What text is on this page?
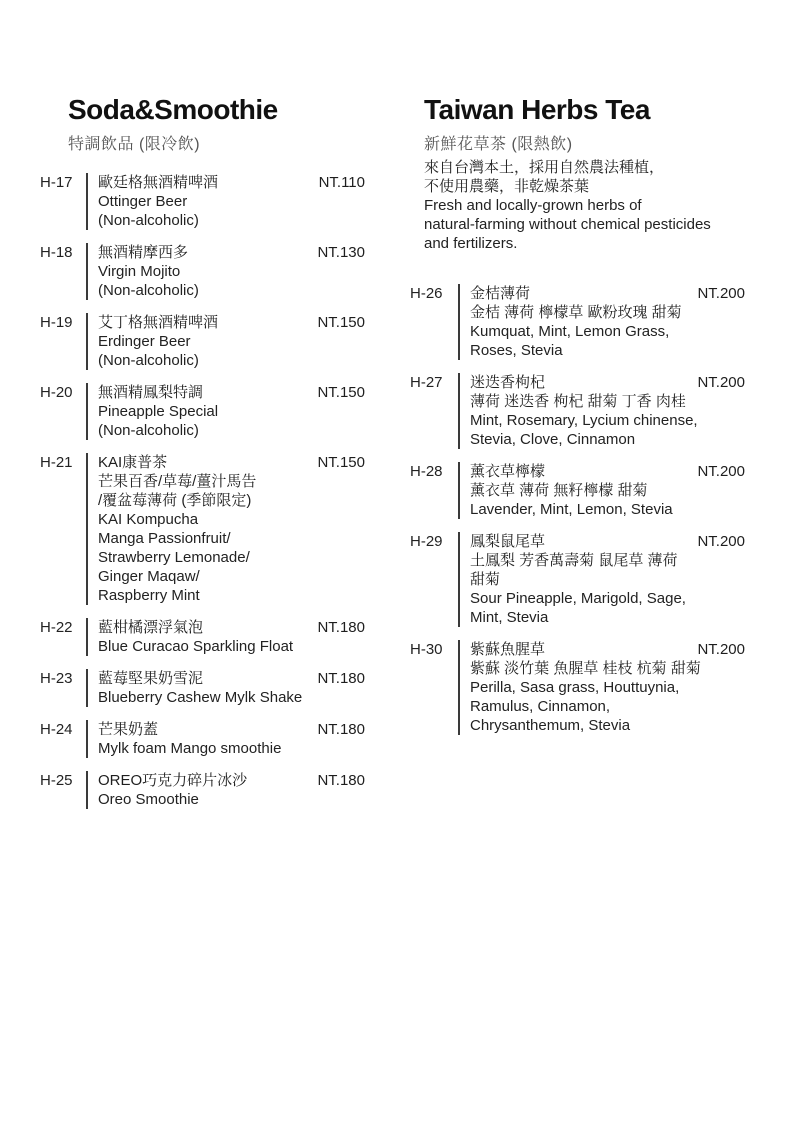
Soda&Smoothie
特調飲品 (限冷飲)
H-17	歐廷格無酒精啤酒	NT.110
Ottinger Beer
(Non-alcoholic)
H-18	無酒精摩西多	NT.130
Virgin Mojito
(Non-alcoholic)
H-19	艾丁格無酒精啤酒	NT.150
Erdinger Beer
(Non-alcoholic)
H-20	無酒精鳳梨特調	NT.150
Pineapple Special
(Non-alcoholic)
H-21	KAI康普茶	NT.150
芒果百香/草莓/薑汁馬告
/覆盆莓薄荷 (季節限定)
KAI Kompucha
Manga Passionfruit/
Strawberry Lemonade/
Ginger Maqaw/
Raspberry Mint
H-22	藍柑橘漂浮氣泡	NT.180
Blue Curacao Sparkling Float
H-23	藍莓堅果奶雪泥	NT.180
Blueberry Cashew Mylk Shake
H-24	芒果奶蓋	NT.180
Mylk foam Mango smoothie
H-25	OREO巧克力碎片冰沙	NT.180
Oreo Smoothie
Taiwan Herbs Tea
新鮮花草茶 (限熱飲)
來自台灣本土，採用自然農法種植，
不使用農藥，非乾燥茶葉
Fresh and locally-grown herbs of
natural-farming without chemical pesticides
and fertilizers.
H-26	金桔薄荷	NT.200
金桔 薄荷 檸檬草 歐粉玫瑰 甜菊
Kumquat, Mint, Lemon Grass,
Roses, Stevia
H-27	迷迭香枸杞	NT.200
薄荷 迷迭香 枸杞 甜菊 丁香 肉桂
Mint, Rosemary, Lycium chinense,
Stevia, Clove, Cinnamon
H-28	薰衣草檸檬	NT.200
薰衣草 薄荷 無籽檸檬 甜菊
Lavender, Mint, Lemon, Stevia
H-29	鳳梨鼠尾草	NT.200
土鳳梨 芳香萬壽菊 鼠尾草 薄荷
甜菊
Sour Pineapple, Marigold, Sage,
Mint, Stevia
H-30	紫蘇魚腥草	NT.200
紫蘇 淡竹葉 魚腥草 桂枝 杭菊 甜菊
Perilla, Sasa grass, Houttuynia,
Ramulus, Cinnamon,
Chrysanthemum, Stevia
